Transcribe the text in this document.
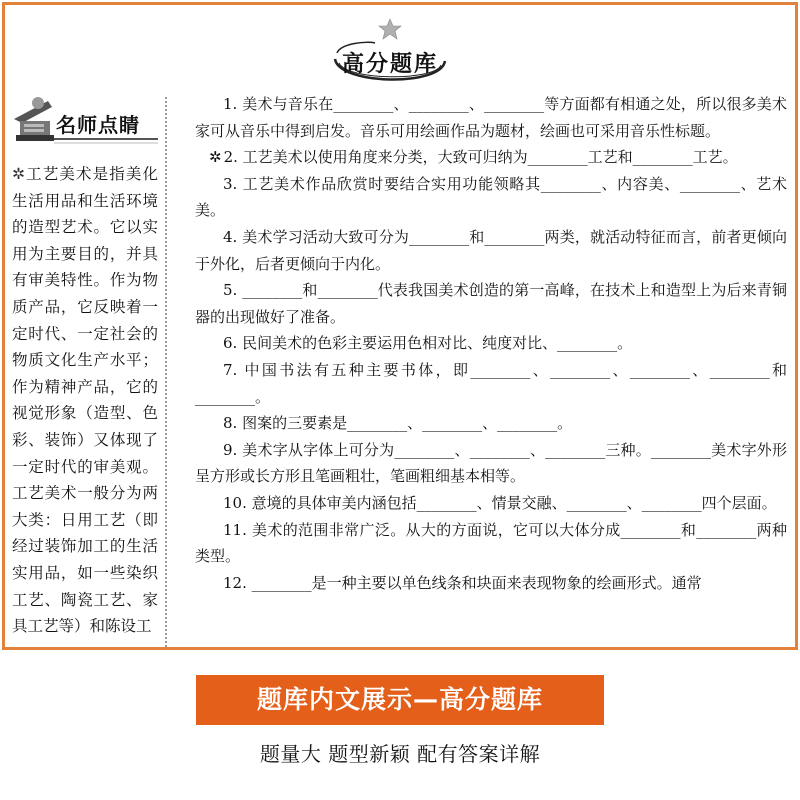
高分题库
名师点睛
✲工艺美术是指美化生活用品和生活环境的造型艺术。它以实用为主要目的，并具有审美特性。作为物质产品，它反映着一定时代、一定社会的物质文化生产水平；作为精神产品，它的视觉形象（造型、色彩、装饰）又体现了一定时代的审美观。工艺美术一般分为两大类：日用工艺（即经过装饰加工的生活实用品，如一些染织工艺、陶瓷工艺、家具工艺等）和陈设工

1. 美术与音乐在________、________、________等方面都有相通之处，所以很多美术家可从音乐中得到启发。音乐可用绘画作品为题材，绘画也可采用音乐性标题。

✲ 2. 工艺美术以使用角度来分类，大致可归纳为________工艺和________工艺。

3. 工艺美术作品欣赏时要结合实用功能领略其________、内容美、________、艺术美。

4. 美术学习活动大致可分为________和________两类，就活动特征而言，前者更倾向于外化，后者更倾向于内化。

5. ________和________代表我国美术创造的第一高峰，在技术上和造型上为后来青铜器的出现做好了准备。

6. 民间美术的色彩主要运用色相对比、纯度对比、________。

7. 中国书法有五种主要书体，即________、________、________、________和________。

8. 图案的三要素是________、________、________。

9. 美术字从字体上可分为________、________、________三种。________美术字外形呈方形或长方形且笔画粗壮，笔画粗细基本相等。

10. 意境的具体审美内涵包括________、情景交融、________、________四个层面。

11. 美术的范围非常广泛。从大的方面说，它可以大体分成________和________两种类型。

12. ________是一种主要以单色线条和块面来表现物象的绘画形式。通常

题库内文展示—高分题库
题量大 题型新颖 配有答案详解
